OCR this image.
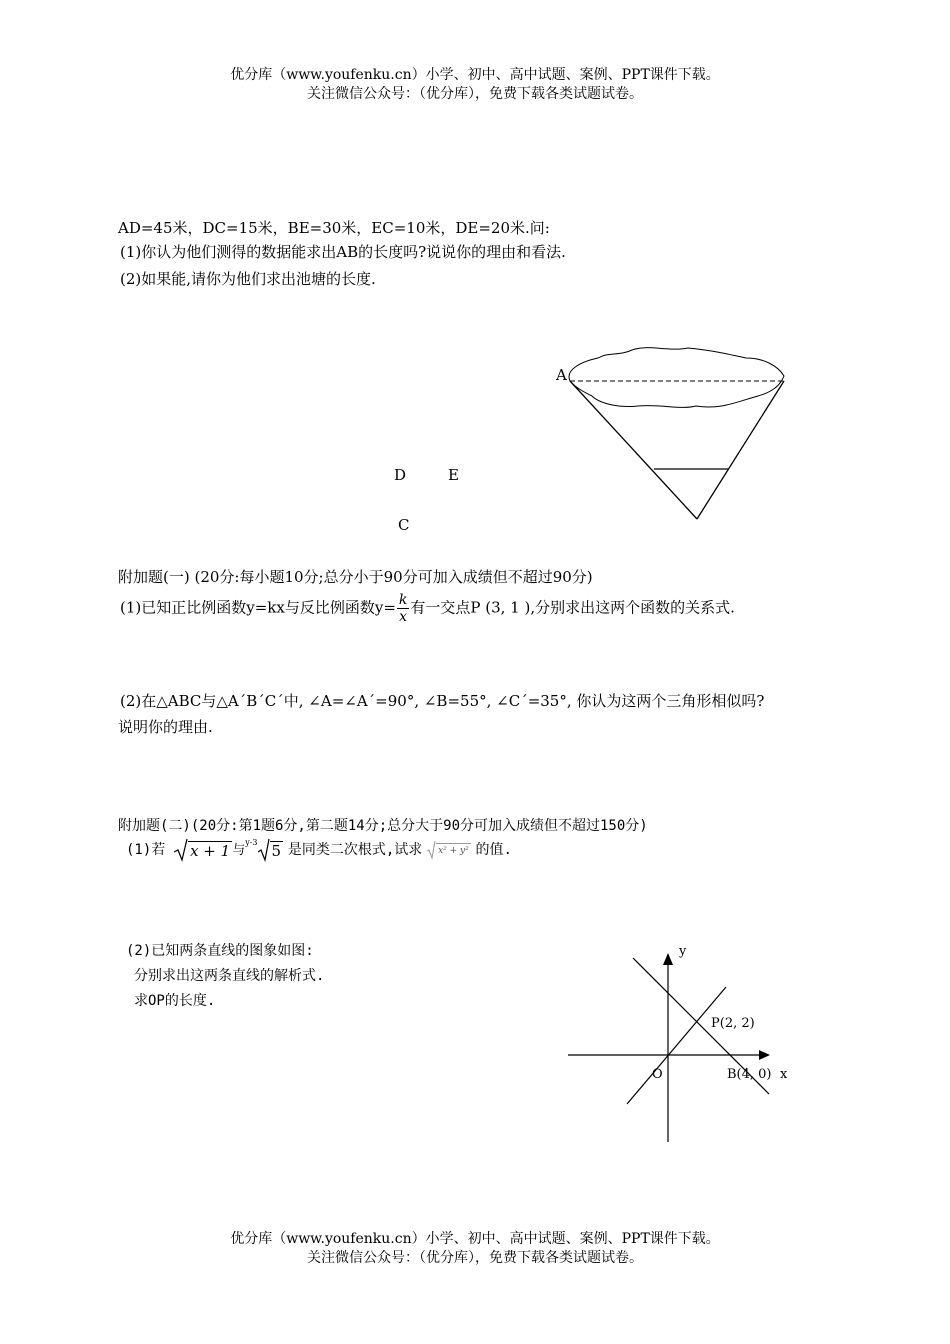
优分库（www.youfenku.cn）小学、初中、高中试题、案例、PPT课件下载。
关注微信公众号：（优分库），免费下载各类试题试卷。
AD=45米，DC=15米，BE=30米，EC=10米，DE=20米.问:
(1)你认为他们测得的数据能求出AB的长度吗?说说你的理由和看法.
(2)如果能,请你为他们求出池塘的长度.
A
D	E
C
附加题(一) (20分:每小题10分;总分小于90分可加入成绩但不超过90分)
(1)已知正比例函数y=kx与反比例函数$y= \frac{k}{x}$ 有一交点P (3, 1 ),分别求出这两个函数的关系式.
(2)在△ABC与△A´B´C´中, ∠A=∠A´=90°, ∠B=55°, ∠C´=35°, 你认为这两个三角形相似吗?
说明你的理由.
附加题(二)(20分:第1题6分,第二题14分;总分大于90分可加入成绩但不超过150分)
(1)若 x + 1 与$^{y-3}$ 5 是同类二次根式,试求 x² + y² 的值.
(2)已知两条直线的图象如图:
分别求出这两条直线的解析式.
求OP的长度.
y
x
O
P(2, 2)
B(4, 0)
优分库（www.youfenku.cn）小学、初中、高中试题、案例、PPT课件下载。
关注微信公众号：（优分库），免费下载各类试题试卷。
